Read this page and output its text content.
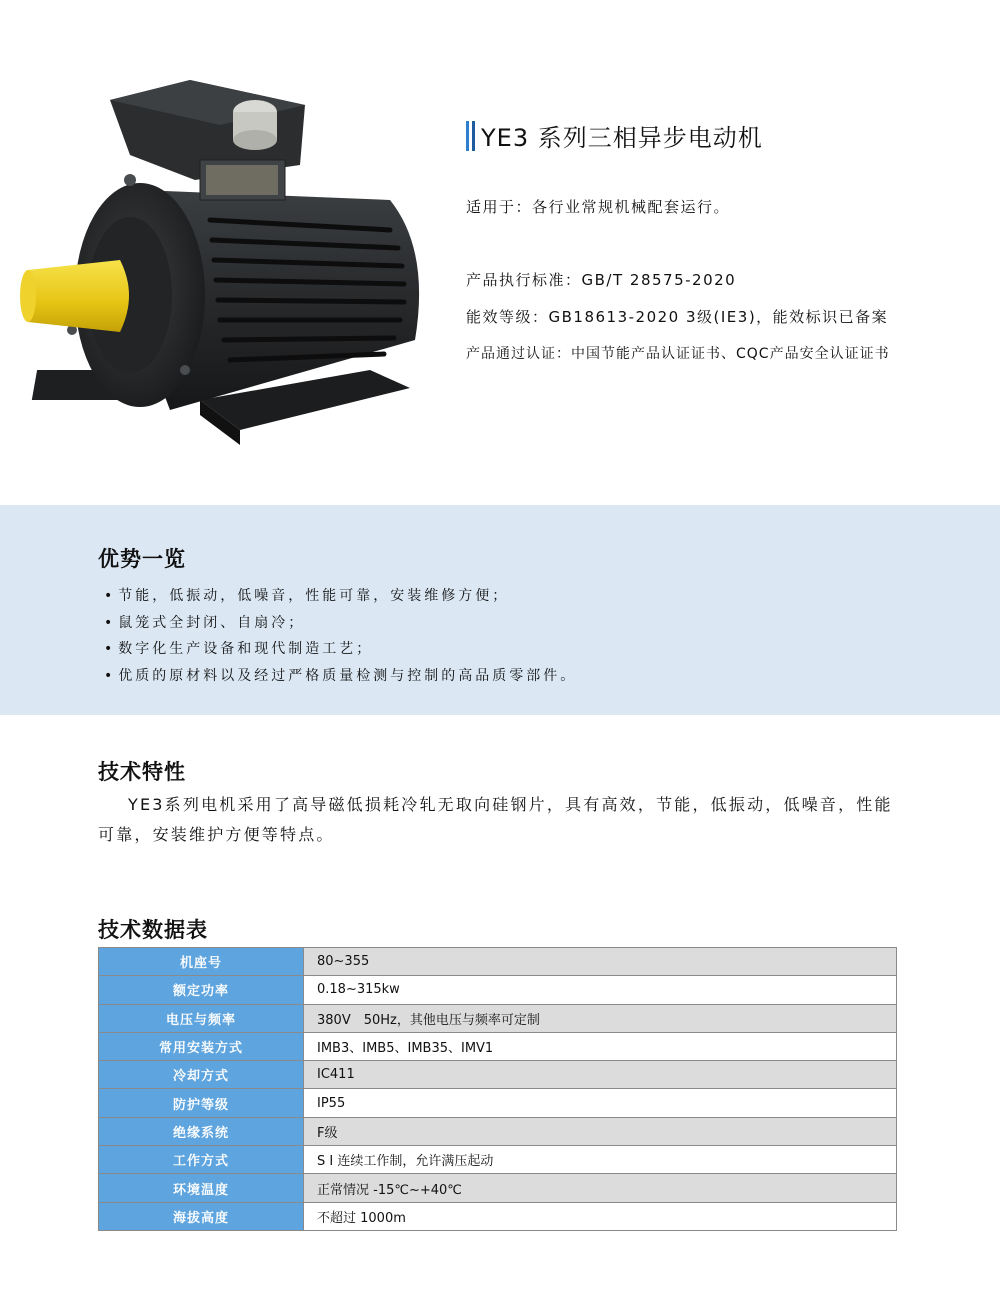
YE3 系列三相异步电动机
适用于：各行业常规机械配套运行。
产品执行标准：GB/T 28575-2020
能效等级：GB18613-2020 3级(IE3)，能效标识已备案
产品通过认证：中国节能产品认证证书、CQC产品安全认证证书
优势一览
• 节能，低振动，低噪音，性能可靠，安装维修方便；
• 鼠笼式全封闭、自扇冷；
• 数字化生产设备和现代制造工艺；
• 优质的原材料以及经过严格质量检测与控制的高品质零部件。
技术特性

YE3系列电机采用了高导磁低损耗冷轧无取向硅钢片，具有高效，节能，低振动，低噪音，性能可靠，安装维护方便等特点。

技术数据表
机座号	80~355
额定功率	0.18~315kw
电压与频率	380V　50Hz，其他电压与频率可定制
常用安装方式	IMB3、IMB5、IMB35、IMV1
冷却方式	IC411
防护等级	IP55
绝缘系统	F级
工作方式	S Ⅰ 连续工作制，允许满压起动
环境温度	正常情况 -15℃~+40℃
海拔高度	不超过 1000m
